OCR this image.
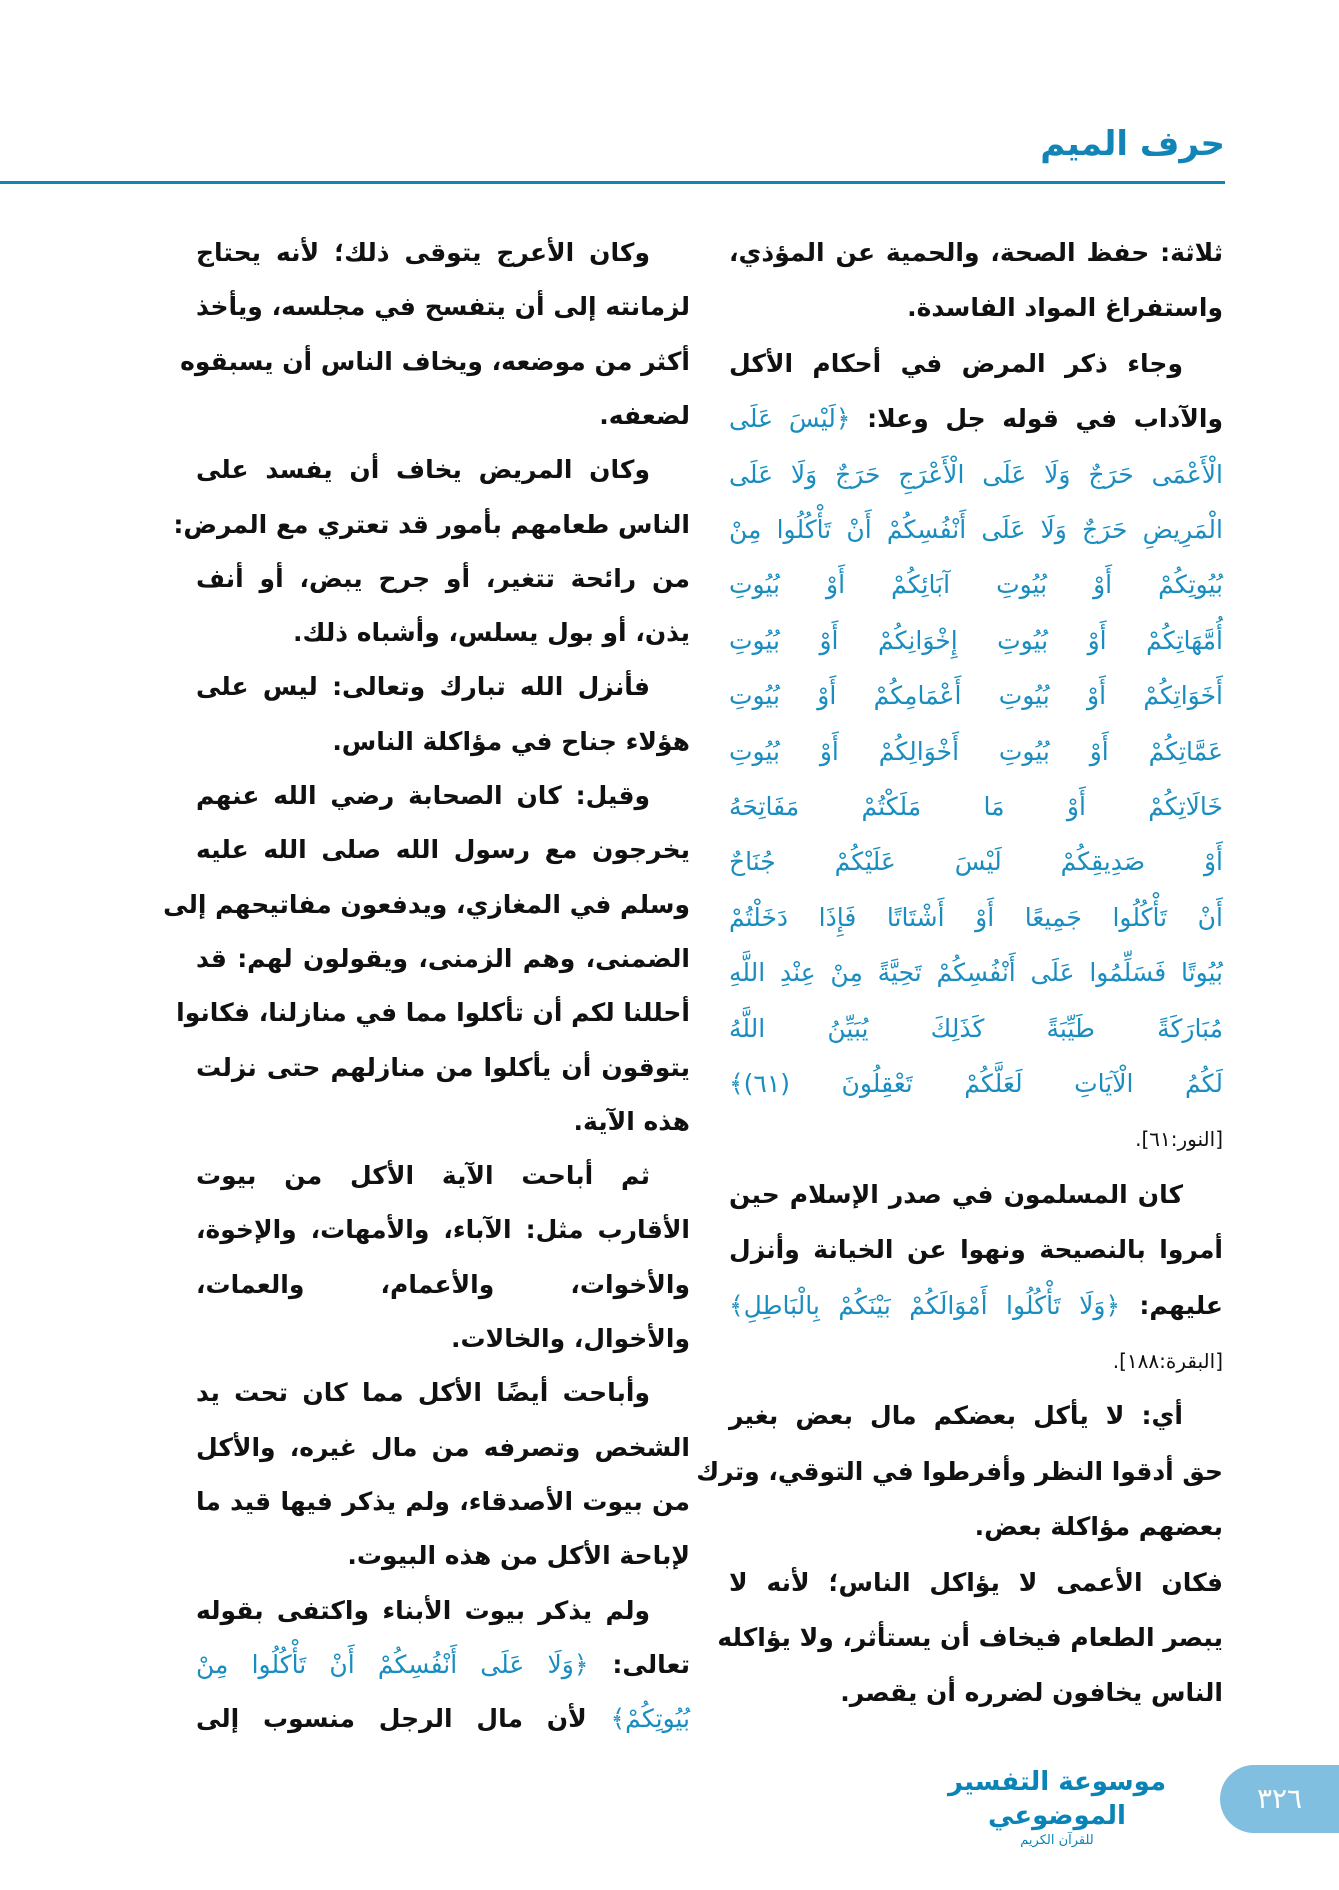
حرف الميم
ثلاثة: حفظ الصحة، والحمية عن المؤذي،
واستفراغ المواد الفاسدة.
وجاء ذكر المرض في أحكام الأكل
والآداب في قوله جل وعلا: ﴿لَيْسَ عَلَى
الْأَعْمَى حَرَجٌ وَلَا عَلَى الْأَعْرَجِ حَرَجٌ وَلَا عَلَى
الْمَرِيضِ حَرَجٌ وَلَا عَلَى أَنْفُسِكُمْ أَنْ تَأْكُلُوا مِنْ
بُيُوتِكُمْ أَوْ بُيُوتِ آبَائِكُمْ أَوْ بُيُوتِ
أُمَّهَاتِكُمْ أَوْ بُيُوتِ إِخْوَانِكُمْ أَوْ بُيُوتِ
أَخَوَاتِكُمْ أَوْ بُيُوتِ أَعْمَامِكُمْ أَوْ بُيُوتِ
عَمَّاتِكُمْ أَوْ بُيُوتِ أَخْوَالِكُمْ أَوْ بُيُوتِ
خَالَاتِكُمْ أَوْ مَا مَلَكْتُمْ مَفَاتِحَهُ
أَوْ صَدِيقِكُمْ لَيْسَ عَلَيْكُمْ جُنَاحٌ
أَنْ تَأْكُلُوا جَمِيعًا أَوْ أَشْتَاتًا فَإِذَا دَخَلْتُمْ
بُيُوتًا فَسَلِّمُوا عَلَى أَنْفُسِكُمْ تَحِيَّةً مِنْ عِنْدِ اللَّهِ
مُبَارَكَةً طَيِّبَةً كَذَلِكَ يُبَيِّنُ اللَّهُ
لَكُمُ الْآيَاتِ لَعَلَّكُمْ تَعْقِلُونَ (٦١)﴾
[النور:٦١].
كان المسلمون في صدر الإسلام حين
أمروا بالنصيحة ونهوا عن الخيانة وأنزل
عليهم: ﴿وَلَا تَأْكُلُوا أَمْوَالَكُمْ بَيْنَكُمْ بِالْبَاطِلِ﴾
[البقرة:١٨٨].
أي: لا يأكل بعضكم مال بعض بغير
حق أدقوا النظر وأفرطوا في التوقي، وترك
بعضهم مؤاكلة بعض.
فكان الأعمى لا يؤاكل الناس؛ لأنه لا
يبصر الطعام فيخاف أن يستأثر، ولا يؤاكله
الناس يخافون لضرره أن يقصر.
وكان الأعرج يتوقى ذلك؛ لأنه يحتاج
لزمانته إلى أن يتفسح في مجلسه، ويأخذ
أكثر من موضعه، ويخاف الناس أن يسبقوه
لضعفه.
وكان المريض يخاف أن يفسد على
الناس طعامهم بأمور قد تعتري مع المرض:
من رائحة تتغير، أو جرح يبض، أو أنف
يذن، أو بول يسلس، وأشباه ذلك.
فأنزل الله تبارك وتعالى: ليس على
هؤلاء جناح في مؤاكلة الناس.
وقيل: كان الصحابة رضي الله عنهم
يخرجون مع رسول الله صلى الله عليه
وسلم في المغازي، ويدفعون مفاتيحهم إلى
الضمنى، وهم الزمنى، ويقولون لهم: قد
أحللنا لكم أن تأكلوا مما في منازلنا، فكانوا
يتوقون أن يأكلوا من منازلهم حتى نزلت
هذه الآية.
ثم أباحت الآية الأكل من بيوت
الأقارب مثل: الآباء، والأمهات، والإخوة،
والأخوات، والأعمام، والعمات،
والأخوال، والخالات.
وأباحت أيضًا الأكل مما كان تحت يد
الشخص وتصرفه من مال غيره، والأكل
من بيوت الأصدقاء، ولم يذكر فيها قيد ما
لإباحة الأكل من هذه البيوت.
ولم يذكر بيوت الأبناء واكتفى بقوله
تعالى: ﴿وَلَا عَلَى أَنْفُسِكُمْ أَنْ تَأْكُلُوا مِنْ
بُيُوتِكُمْ﴾ لأن مال الرجل منسوب إلى
موسوعة التفسير الموضوعي
للقرآن الكريم
٣٢٦
